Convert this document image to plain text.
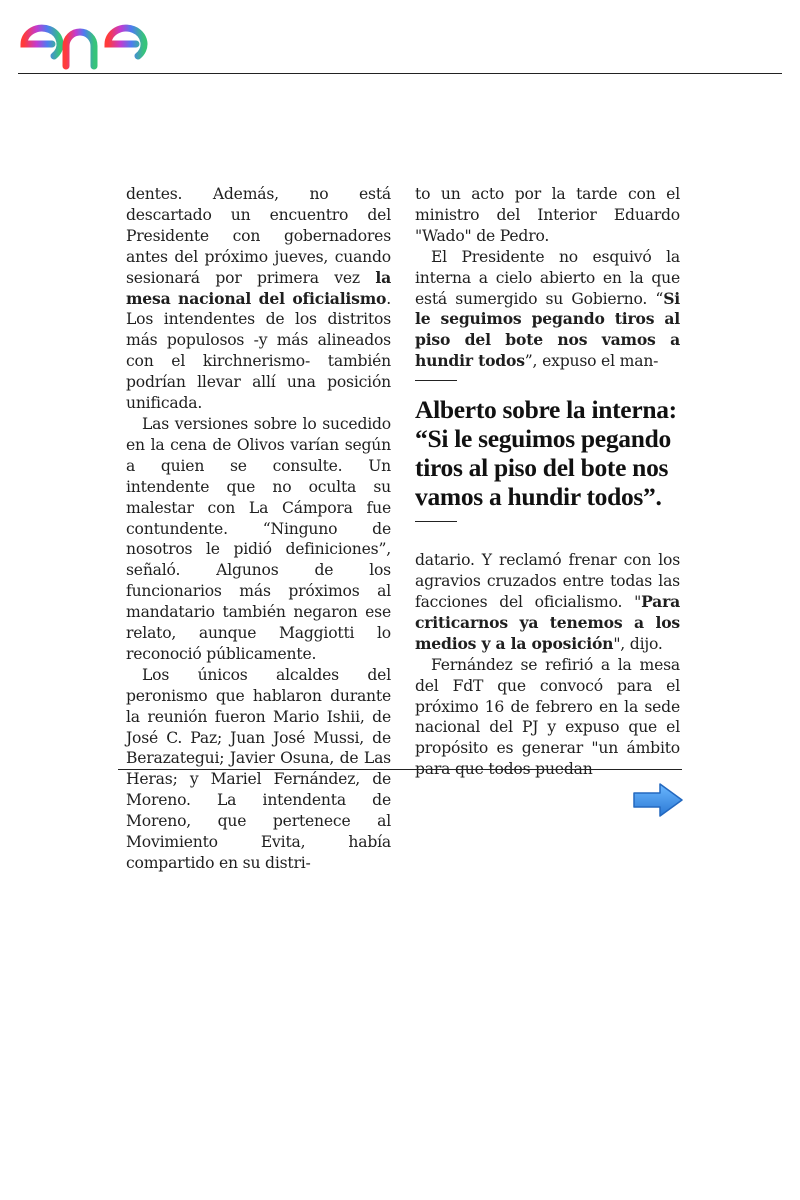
dentes. Además, no está descartado un encuentro del Presidente con gobernadores antes del próximo jueves, cuando sesionará por primera vez la mesa nacional del oficialismo. Los intendentes de los distritos más populosos -y más alineados con el kirchnerismo- también podrían llevar allí una posición unificada.

Las versiones sobre lo sucedido en la cena de Olivos varían según a quien se consulte. Un intendente que no oculta su malestar con La Cámpora fue contundente. “Ninguno de nosotros le pidió definiciones”, señaló. Algunos de los funcionarios más próximos al mandatario también negaron ese relato, aunque Maggiotti lo reconoció públicamente.

Los únicos alcaldes del peronismo que hablaron durante la reunión fueron Mario Ishii, de José C. Paz; Juan José Mussi, de Berazategui; Javier Osuna, de Las Heras; y Mariel Fernández, de Moreno. La intendenta de Moreno, que pertenece al Movimiento Evita, había compartido en su distri-

to un acto por la tarde con el ministro del Interior Eduardo "Wado" de Pedro.

El Presidente no esquivó la interna a cielo abierto en la que está sumergido su Gobierno. “Si le seguimos pegando tiros al piso del bote nos vamos a hundir todos”, expuso el man-

Alberto sobre la interna: “Si le seguimos pegando tiros al piso del bote nos vamos a hundir todos”.

datario. Y reclamó frenar con los agravios cruzados entre todas las facciones del oficialismo. "Para criticarnos ya tenemos a los medios y a la oposición", dijo.

Fernández se refirió a la mesa del FdT que convocó para el próximo 16 de febrero en la sede nacional del PJ y expuso que el propósito es generar "un ámbito para que todos puedan
